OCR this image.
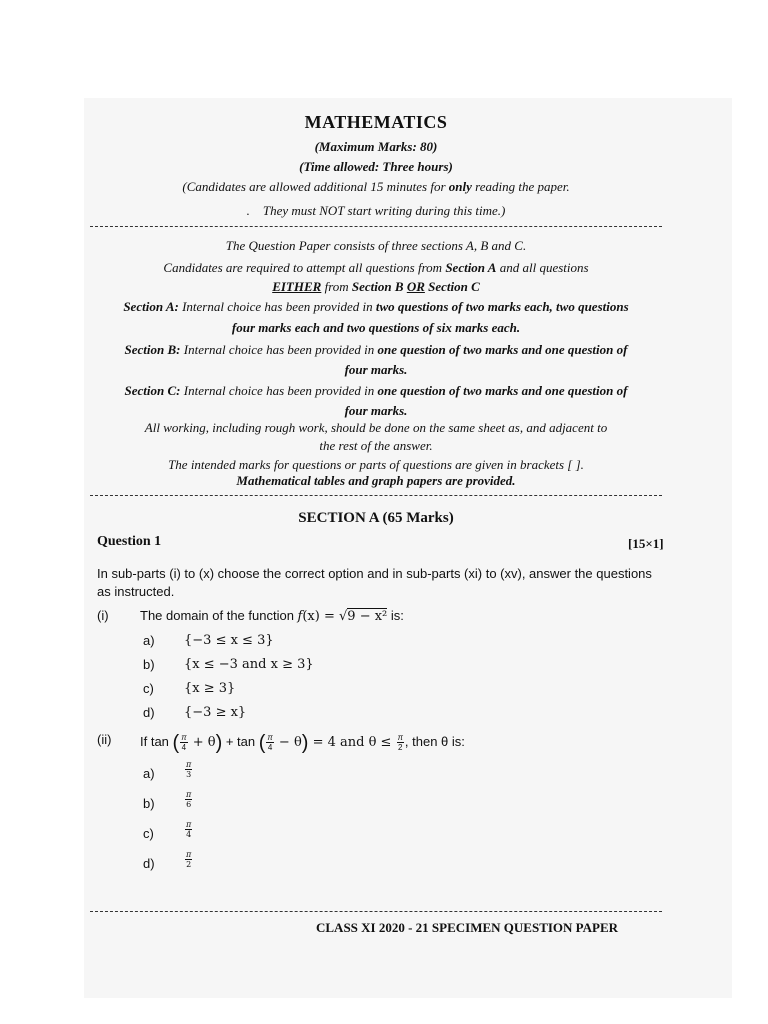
MATHEMATICS
(Maximum Marks: 80)
(Time allowed: Three hours)
(Candidates are allowed additional 15 minutes for only reading the paper.
. They must NOT start writing during this time.)
The Question Paper consists of three sections A, B and C.
Candidates are required to attempt all questions from Section A and all questions
EITHER from Section B OR Section C
Section A: Internal choice has been provided in two questions of two marks each, two questions
four marks each and two questions of six marks each.
Section B: Internal choice has been provided in one question of two marks and one question of
four marks.
Section C: Internal choice has been provided in one question of two marks and one question of
four marks.
All working, including rough work, should be done on the same sheet as, and adjacent to
the rest of the answer.
The intended marks for questions or parts of questions are given in brackets [ ].
Mathematical tables and graph papers are provided.
SECTION A (65 Marks)
Question 1	[15×1]
In sub-parts (i) to (x) choose the correct option and in sub-parts (xi) to (xv), answer the questions as instructed.
(i) The domain of the function f(x) = √9 − x² is:
a) {−3 ≤ x ≤ 3}
b) {x ≤ −3 and x ≥ 3}
c) {x ≥ 3}
d) {−3 ≥ x}
(ii) If tan ( $\frac{\pi}{4} + \theta) + \tan$ ( $\frac{\pi}{4} - \theta) = 4$ and $\theta \le \frac{\pi}{2}$ , then θ is:
a)	$\frac{\pi}{3}$
b)	$\frac{\pi}{6}$
c)	$\frac{\pi}{4}$
d)	$\frac{\pi}{2}$
CLASS XI 2020 - 21 SPECIMEN QUESTION PAPER
